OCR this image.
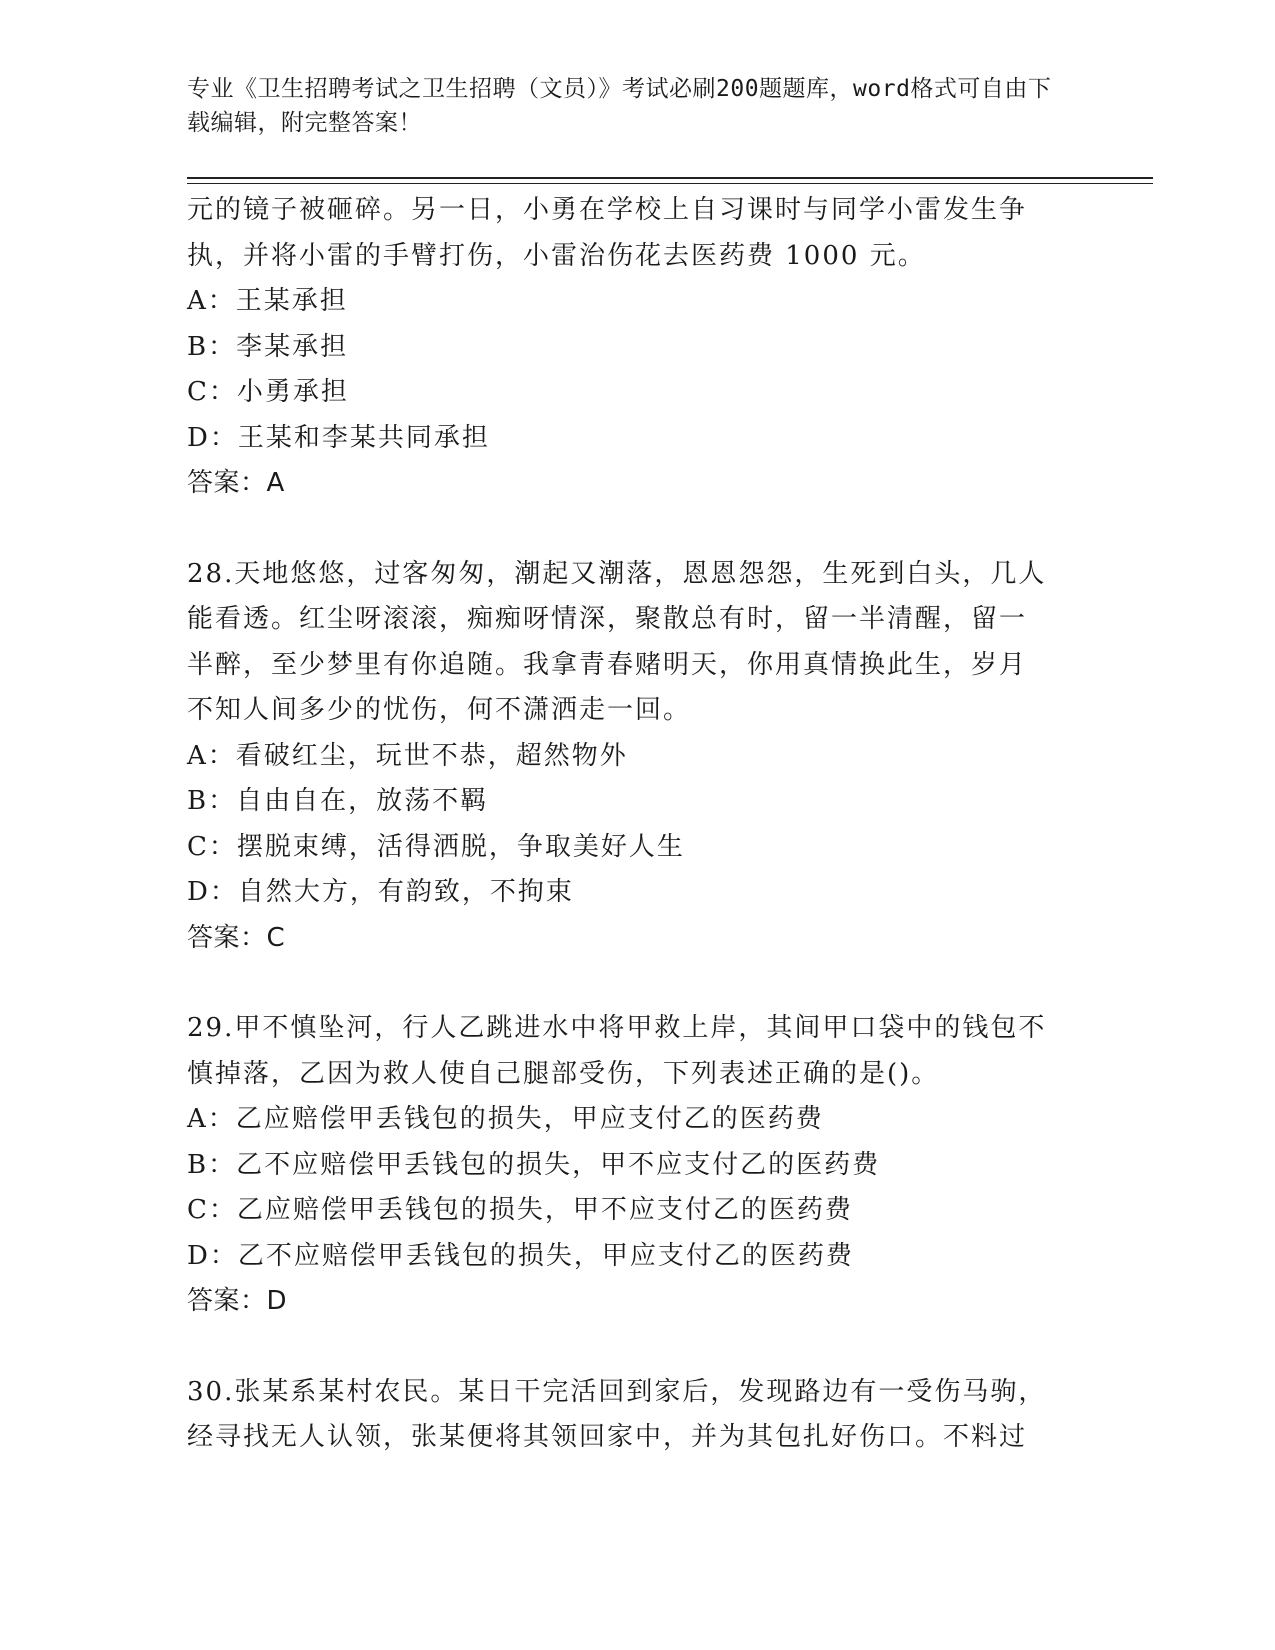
专业《卫生招聘考试之卫生招聘（文员）》考试必刷200题题库，word格式可自由下载编辑，附完整答案！
元的镜子被砸碎。另一日，小勇在学校上自习课时与同学小雷发生争
执，并将小雷的手臂打伤，小雷治伤花去医药费 1000 元。
A：王某承担
B：李某承担
C：小勇承担
D：王某和李某共同承担
答案：A
28.天地悠悠，过客匆匆，潮起又潮落，恩恩怨怨，生死到白头，几人
能看透。红尘呀滚滚，痴痴呀情深，聚散总有时，留一半清醒，留一
半醉，至少梦里有你追随。我拿青春赌明天，你用真情换此生，岁月
不知人间多少的忧伤，何不潇洒走一回。
A：看破红尘，玩世不恭，超然物外
B：自由自在，放荡不羁
C：摆脱束缚，活得洒脱，争取美好人生
D：自然大方，有韵致，不拘束
答案：C
29.甲不慎坠河，行人乙跳进水中将甲救上岸，其间甲口袋中的钱包不
慎掉落，乙因为救人使自己腿部受伤，下列表述正确的是()。
A：乙应赔偿甲丢钱包的损失，甲应支付乙的医药费
B：乙不应赔偿甲丢钱包的损失，甲不应支付乙的医药费
C：乙应赔偿甲丢钱包的损失，甲不应支付乙的医药费
D：乙不应赔偿甲丢钱包的损失，甲应支付乙的医药费
答案：D
30.张某系某村农民。某日干完活回到家后，发现路边有一受伤马驹，
经寻找无人认领，张某便将其领回家中，并为其包扎好伤口。不料过
